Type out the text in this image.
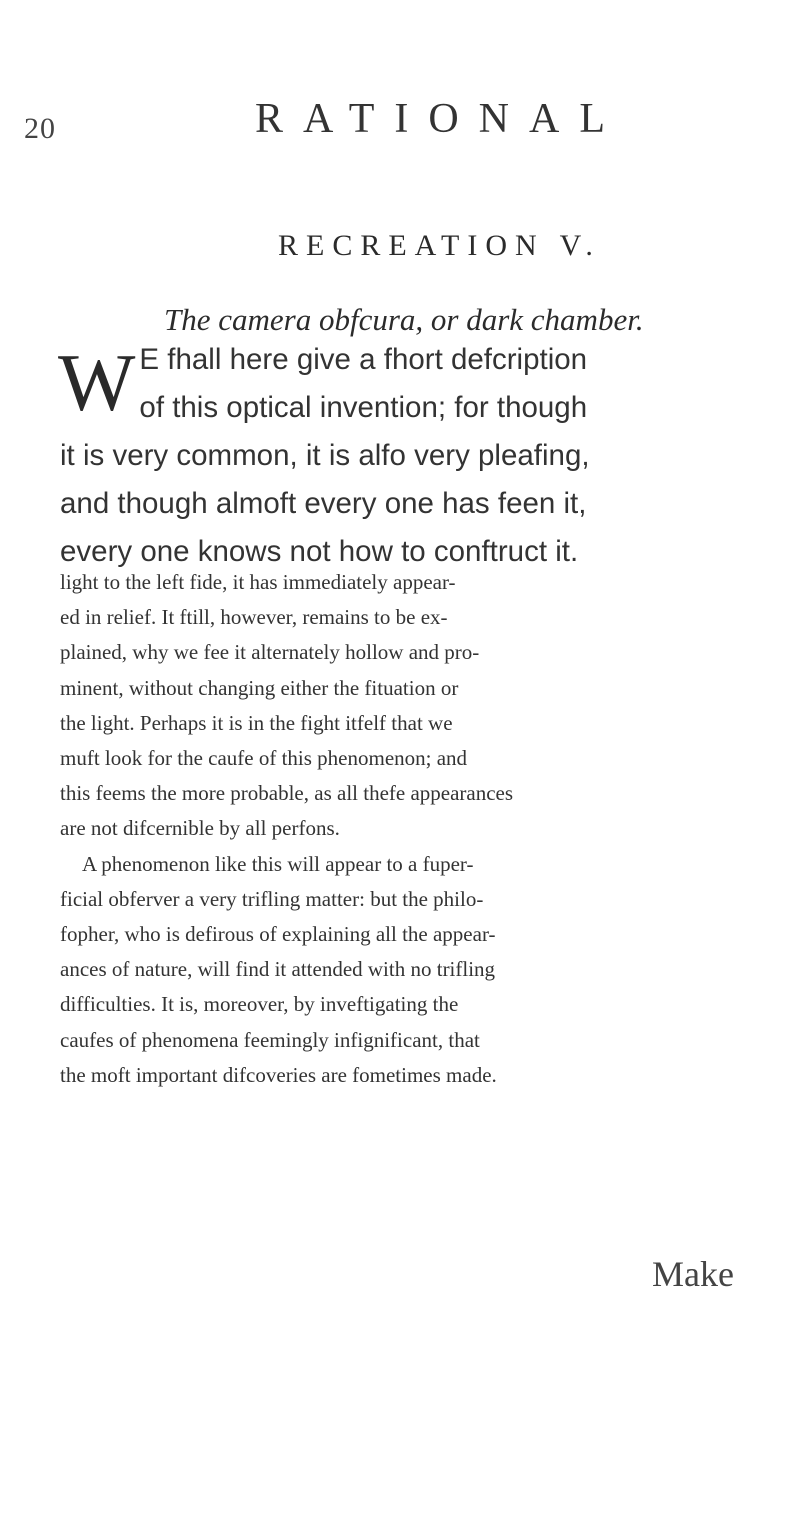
20	RATIONAL
RECREATION V.
The camera obfcura, or dark chamber.
W E fhall here give a fhort defcription
of this optical invention; for though
it is very common, it is alfo very pleafing,
and though almoft every one has feen it,
every one knows not how to conftruct it.
light to the left fide, it has immediately appear-
ed in relief. It ftill, however, remains to be ex-
plained, why we fee it alternately hollow and pro-
minent, without changing either the fituation or
the light. Perhaps it is in the fight itfelf that we
muft look for the caufe of this phenomenon; and
this feems the more probable, as all thefe appearances
are not difcernible by all perfons.
A phenomenon like this will appear to a fuper-
ficial obferver a very trifling matter: but the philo-
fopher, who is defirous of explaining all the appear-
ances of nature, will find it attended with no trifling
difficulties. It is, moreover, by inveftigating the
caufes of phenomena feemingly infignificant, that
the moft important difcoveries are fometimes made.
Make
